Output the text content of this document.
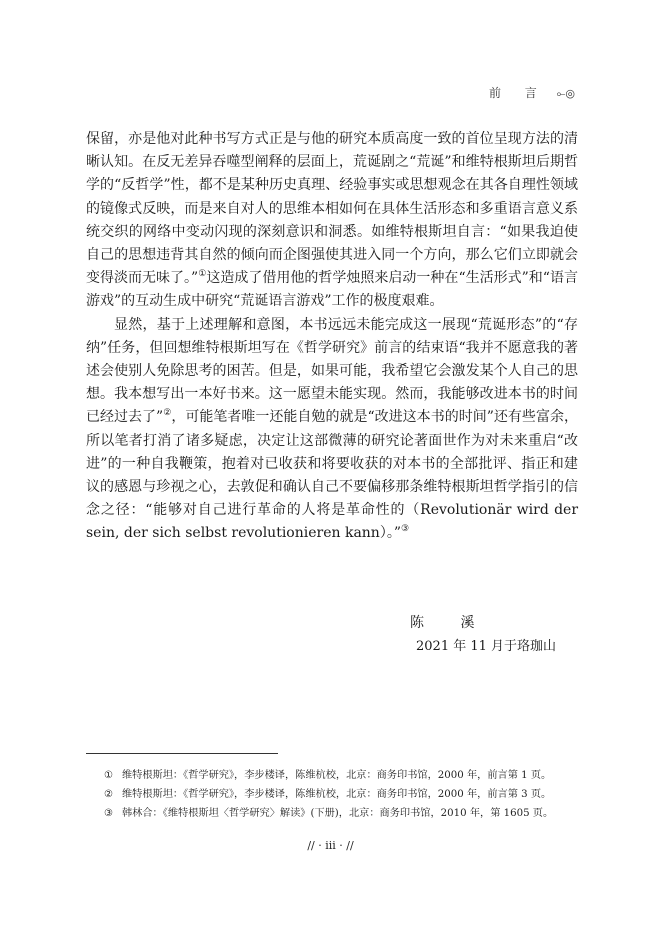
前 言 ⟜◎

保留，亦是他对此种书写方式正是与他的研究本质高度一致的首位呈现方法的清晰认知。在反无差异吞噬型阐释的层面上，荒诞剧之“荒诞”和维特根斯坦后期哲学的“反哲学”性，都不是某种历史真理、经验事实或思想观念在其各自理性领域的镜像式反映，而是来自对人的思维本相如何在具体生活形态和多重语言意义系统交织的网络中变动闪现的深刻意识和洞悉。如维特根斯坦自言：“如果我迫使自己的思想违背其自然的倾向而企图强使其进入同一个方向，那么它们立即就会变得淡而无味了。”①这造成了借用他的哲学烛照来启动一种在“生活形式”和“语言游戏”的互动生成中研究“荒诞语言游戏”工作的极度艰难。

显然，基于上述理解和意图，本书远远未能完成这一展现“荒诞形态”的“存纳”任务，但回想维特根斯坦写在《哲学研究》前言的结束语“我并不愿意我的著述会使别人免除思考的困苦。但是，如果可能，我希望它会激发某个人自己的思想。我本想写出一本好书来。这一愿望未能实现。然而，我能够改进本书的时间已经过去了”②，可能笔者唯一还能自勉的就是“改进这本书的时间”还有些富余，所以笔者打消了诸多疑虑，决定让这部微薄的研究论著面世作为对未来重启“改进”的一种自我鞭策，抱着对已收获和将要收获的对本书的全部批评、指正和建议的感恩与珍视之心，去敦促和确认自己不要偏移那条维特根斯坦哲学指引的信念之径：“能够对自己进行革命的人将是革命性的（Revolutionär wird der sein, der sich selbst revolutionieren kann）。”③

陈 溪
2021 年 11 月于珞珈山
① 维特根斯坦：《哲学研究》，李步楼译，陈维杭校，北京：商务印书馆，2000 年，前言第 1 页。
② 维特根斯坦：《哲学研究》，李步楼译，陈维杭校，北京：商务印书馆，2000 年，前言第 3 页。
③ 韩林合：《维特根斯坦〈哲学研究〉解读》(下册)，北京：商务印书馆，2010 年，第 1605 页。
// · iii · //
